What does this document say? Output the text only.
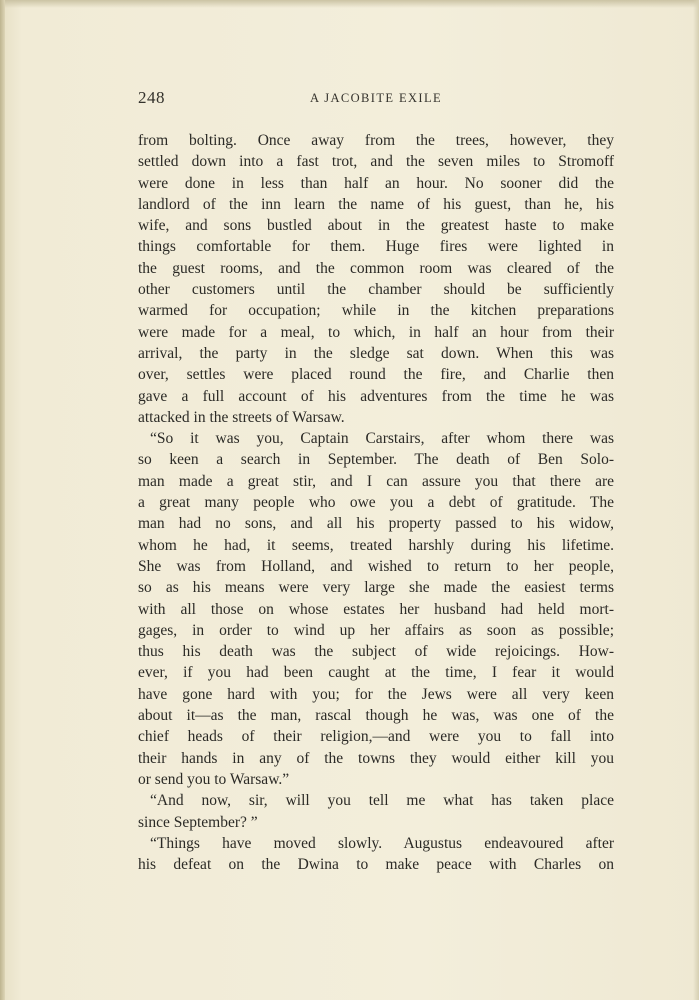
248	A JACOBITE EXILE
from bolting. Once away from the trees, however, they
settled down into a fast trot, and the seven miles to Stromoff
were done in less than half an hour. No sooner did the
landlord of the inn learn the name of his guest, than he, his
wife, and sons bustled about in the greatest haste to make
things comfortable for them. Huge fires were lighted in
the guest rooms, and the common room was cleared of the
other customers until the chamber should be sufficiently
warmed for occupation; while in the kitchen preparations
were made for a meal, to which, in half an hour from their
arrival, the party in the sledge sat down. When this was
over, settles were placed round the fire, and Charlie then
gave a full account of his adventures from the time he was
attacked in the streets of Warsaw.
“So it was you, Captain Carstairs, after whom there was
so keen a search in September. The death of Ben Solo-
man made a great stir, and I can assure you that there are
a great many people who owe you a debt of gratitude. The
man had no sons, and all his property passed to his widow,
whom he had, it seems, treated harshly during his lifetime.
She was from Holland, and wished to return to her people,
so as his means were very large she made the easiest terms
with all those on whose estates her husband had held mort-
gages, in order to wind up her affairs as soon as possible;
thus his death was the subject of wide rejoicings. How-
ever, if you had been caught at the time, I fear it would
have gone hard with you; for the Jews were all very keen
about it—as the man, rascal though he was, was one of the
chief heads of their religion,—and were you to fall into
their hands in any of the towns they would either kill you
or send you to Warsaw.”
“And now, sir, will you tell me what has taken place
since September? ”
“Things have moved slowly. Augustus endeavoured after
his defeat on the Dwina to make peace with Charles on
